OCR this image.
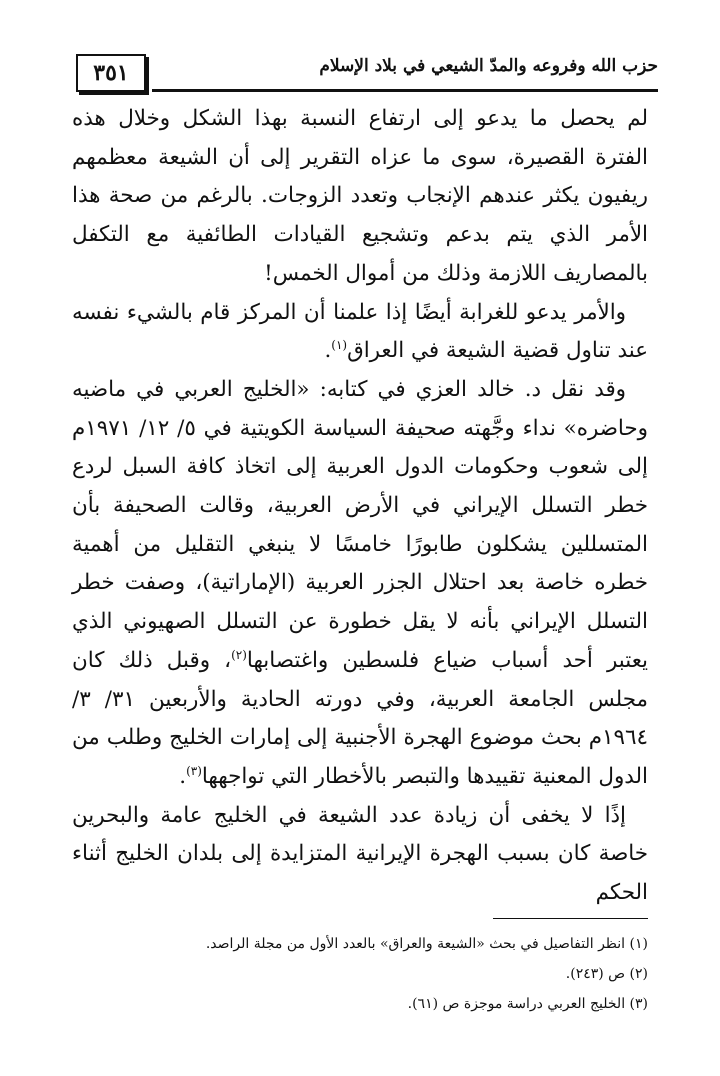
٣٥١	حزب الله وفروعه والمدّ الشيعي في بلاد الإسلام

لم يحصل ما يدعو إلى ارتفاع النسبة بهذا الشكل وخلال هذه الفترة القصيرة، سوى ما عزاه التقرير إلى أن الشيعة معظمهم ريفيون يكثر عندهم الإنجاب وتعدد الزوجات. بالرغم من صحة هذا الأمر الذي يتم بدعم وتشجيع القيادات الطائفية مع التكفل بالمصاريف اللازمة وذلك من أموال الخمس!

والأمر يدعو للغرابة أيضًا إذا علمنا أن المركز قام بالشيء نفسه عند تناول قضية الشيعة في العراق$^{(١)}$.

وقد نقل د. خالد العزي في كتابه: «الخليج العربي في ماضيه وحاضره» نداء وجَّهته صحيفة السياسة الكويتية في ٥/ ١٢/ ١٩٧١م إلى شعوب وحكومات الدول العربية إلى اتخاذ كافة السبل لردع خطر التسلل الإيراني في الأرض العربية، وقالت الصحيفة بأن المتسللين يشكلون طابورًا خامسًا لا ينبغي التقليل من أهمية خطره خاصة بعد احتلال الجزر العربية (الإماراتية)، وصفت خطر التسلل الإيراني بأنه لا يقل خطورة عن التسلل الصهيوني الذي يعتبر أحد أسباب ضياع فلسطين واغتصابها$^{(٢)}$، وقبل ذلك كان مجلس الجامعة العربية، وفي دورته الحادية والأربعين ٣١/ ٣/ ١٩٦٤م بحث موضوع الهجرة الأجنبية إلى إمارات الخليج وطلب من الدول المعنية تقييدها والتبصر بالأخطار التي تواجهها$^{(٣)}$.

إذًا لا يخفى أن زيادة عدد الشيعة في الخليج عامة والبحرين خاصة كان بسبب الهجرة الإيرانية المتزايدة إلى بلدان الخليج أثناء الحكم

(١) انظر التفاصيل في بحث «الشيعة والعراق» بالعدد الأول من مجلة الراصد.
(٢) ص (٢٤٣).
(٣) الخليج العربي دراسة موجزة ص (٦١).
